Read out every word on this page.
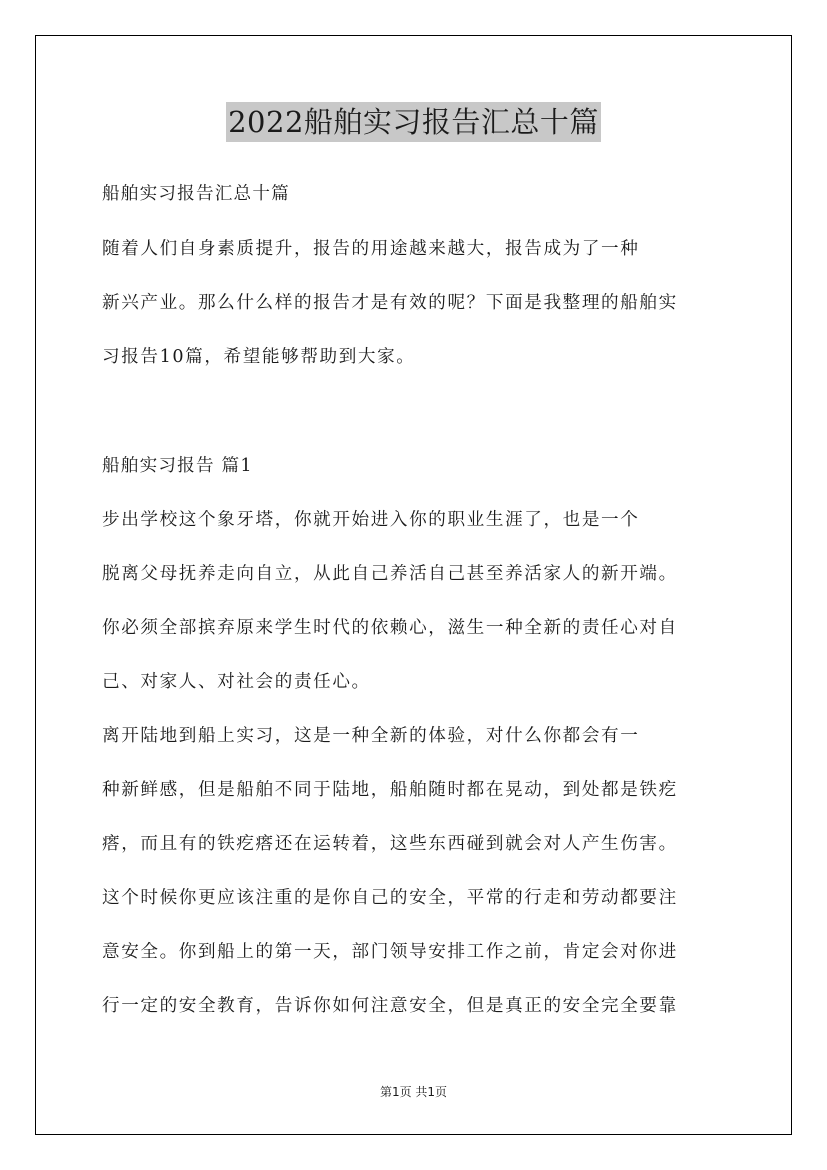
2022船舶实习报告汇总十篇

船舶实习报告汇总十篇

随着人们自身素质提升，报告的用途越来越大，报告成为了一种

新兴产业。那么什么样的报告才是有效的呢？下面是我整理的船舶实

习报告10篇，希望能够帮助到大家。

船舶实习报告 篇1

步出学校这个象牙塔，你就开始进入你的职业生涯了，也是一个

脱离父母抚养走向自立，从此自己养活自己甚至养活家人的新开端。

你必须全部摈弃原来学生时代的依赖心，滋生一种全新的责任心对自

己、对家人、对社会的责任心。

离开陆地到船上实习，这是一种全新的体验，对什么你都会有一

种新鲜感，但是船舶不同于陆地，船舶随时都在晃动，到处都是铁疙

瘩，而且有的铁疙瘩还在运转着，这些东西碰到就会对人产生伤害。

这个时候你更应该注重的是你自己的安全，平常的行走和劳动都要注

意安全。你到船上的第一天，部门领导安排工作之前，肯定会对你进

行一定的安全教育，告诉你如何注意安全，但是真正的安全完全要靠

第1页 共1页
